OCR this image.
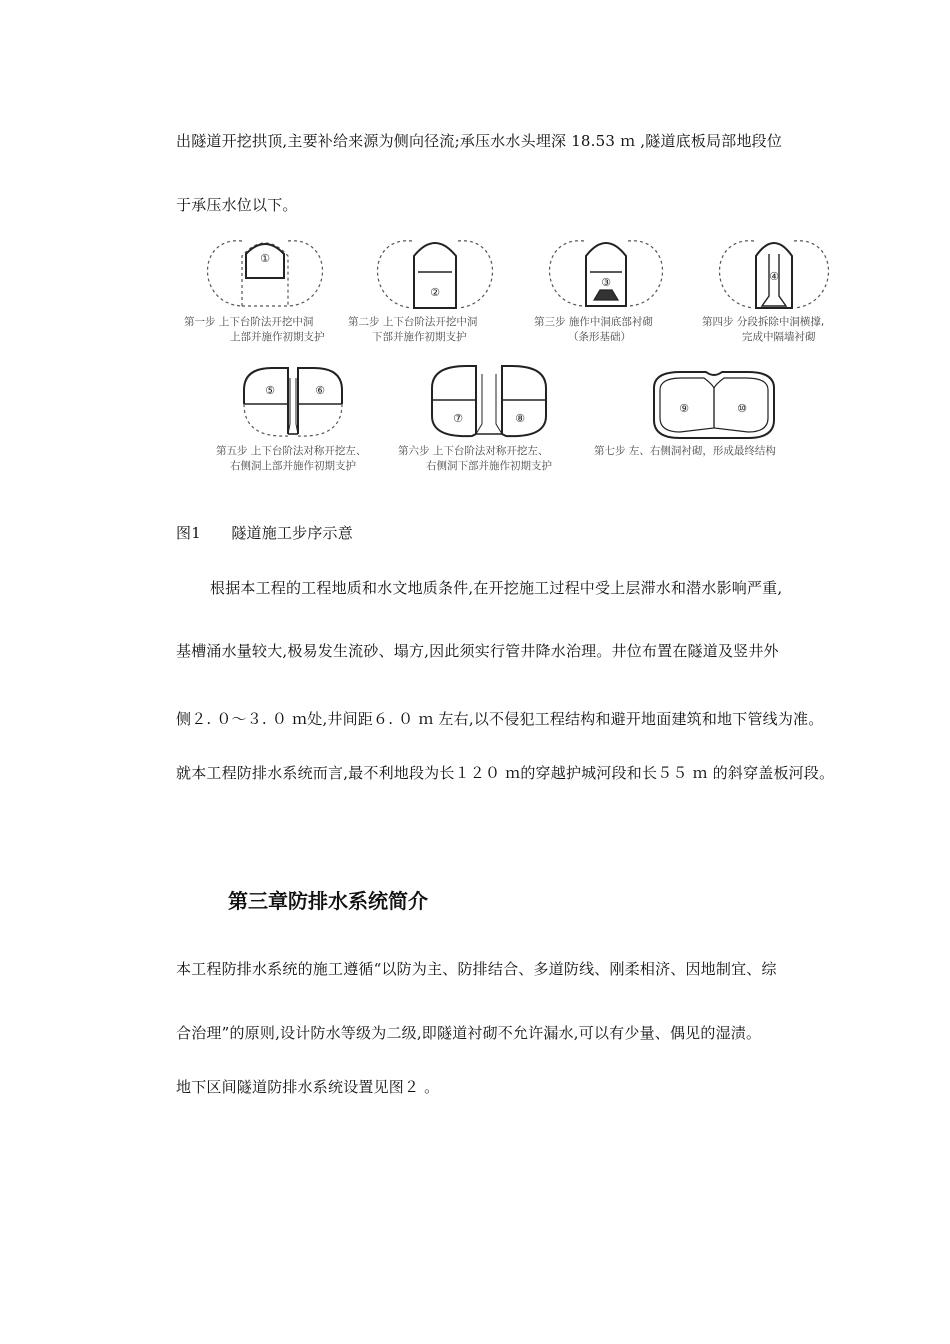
出隧道开挖拱顶,主要补给来源为侧向径流;承压水水头埋深 18.53 ｍ ,隧道底板局部地段位
于承压水位以下。
①
②
③	④
⑤	⑥
⑦	⑧
⑨	⑩
第一步 上下台阶法开挖中洞
上部并施作初期支护
第二步 上下台阶法开挖中洞
下部并施作初期支护
第三步 施作中洞底部衬砌
（条形基础）
第四步 分段拆除中洞横撑,
完成中隔墙衬砌
第五步 上下台阶法对称开挖左、
右侧洞上部并施作初期支护
第六步 上下台阶法对称开挖左、
右侧洞下部并施作初期支护
第七步 左、右侧洞衬砌，形成最终结构
图1　　隧道施工步序示意
根据本工程的工程地质和水文地质条件,在开挖施工过程中受上层滞水和潜水影响严重,
基槽涌水量较大,极易发生流砂、塌方,因此须实行管井降水治理。井位布置在隧道及竖井外
侧２. ０～３. ０ ｍ处,井间距６. ０ ｍ 左右,以不侵犯工程结构和避开地面建筑和地下管线为准。
就本工程防排水系统而言,最不利地段为长１２０ ｍ的穿越护城河段和长５５ ｍ 的斜穿盖板河段。
第三章防排水系统简介
本工程防排水系统的施工遵循“以防为主、防排结合、多道防线、刚柔相济、因地制宜、综
合治理”的原则,设计防水等级为二级,即隧道衬砌不允许漏水,可以有少量、偶见的湿渍。
地下区间隧道防排水系统设置见图２ 。
